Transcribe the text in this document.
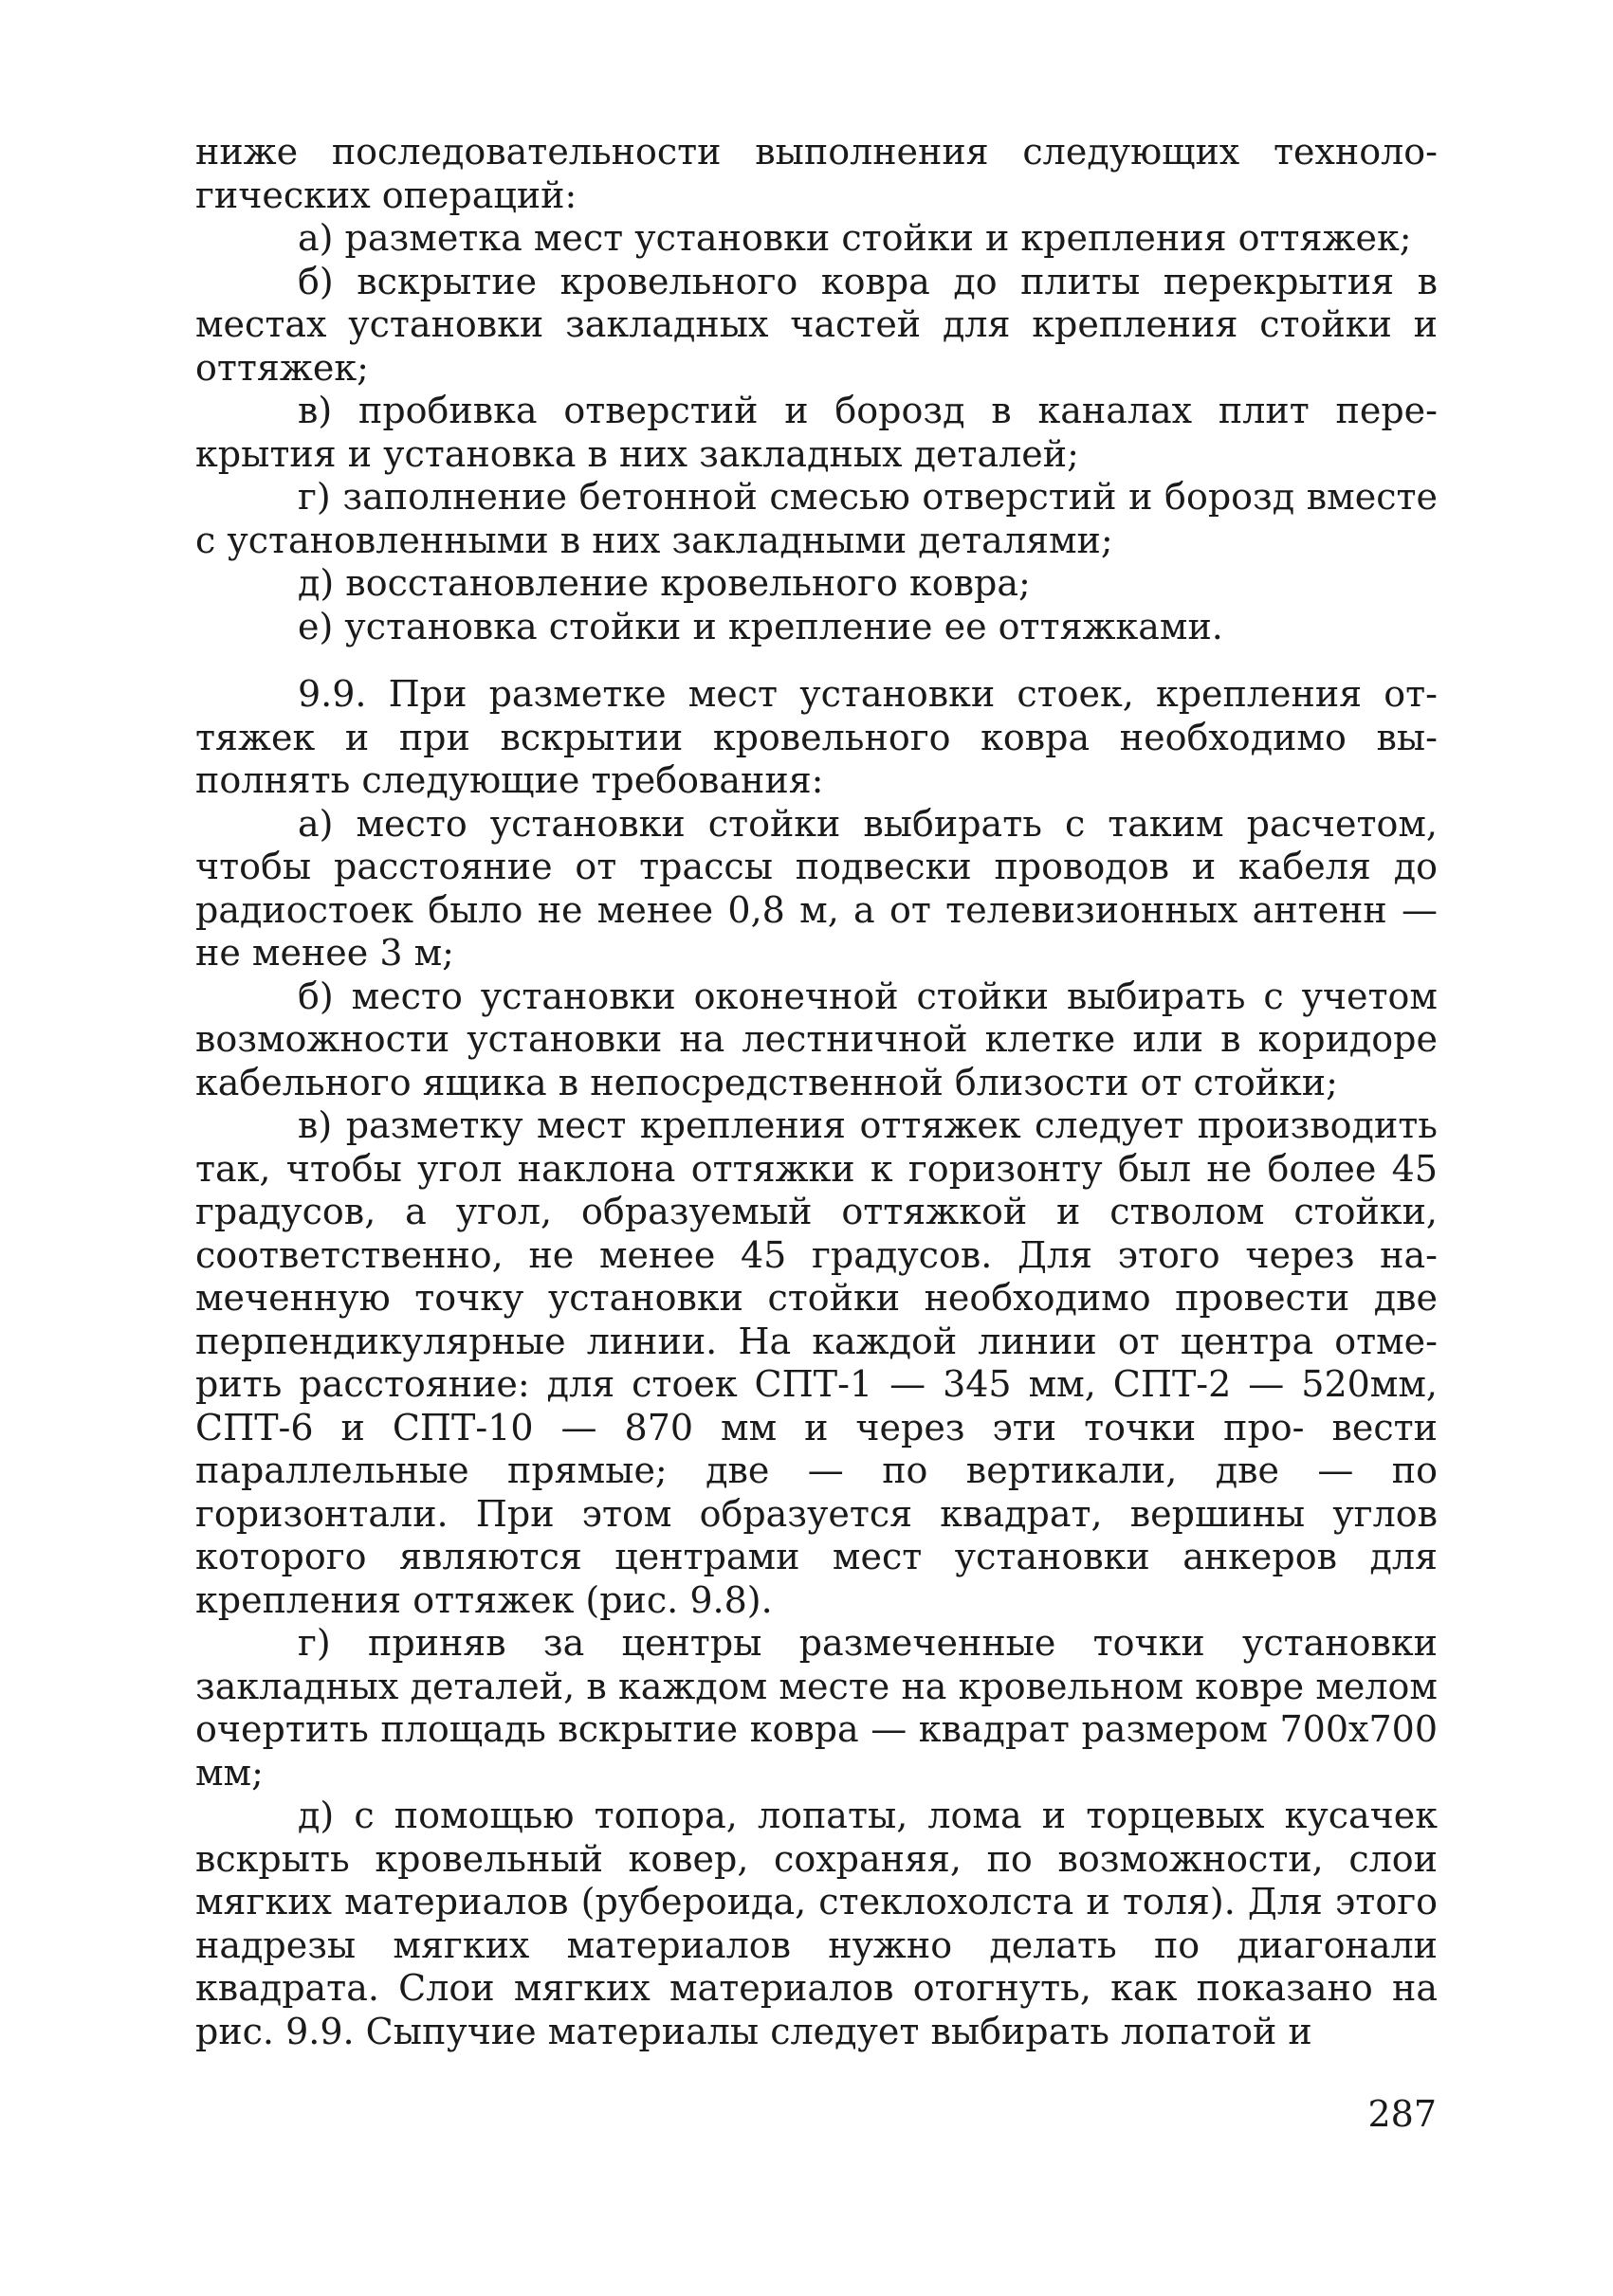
ниже последовательности выполнения следующих техноло- гических операций:

а) разметка мест установки стойки и крепления оттяжек;

б) вскрытие кровельного ковра до плиты перекрытия в местах установки закладных частей для крепления стойки и оттяжек;

в) пробивка отверстий и борозд в каналах плит пере- крытия и установка в них закладных деталей;

г) заполнение бетонной смесью отверстий и борозд вместе с установленными в них закладными деталями;

д) восстановление кровельного ковра;

е) установка стойки и крепление ее оттяжками.

9.9. При разметке мест установки стоек, крепления от- тяжек и при вскрытии кровельного ковра необходимо вы- полнять следующие требования:

а) место установки стойки выбирать с таким расчетом, чтобы расстояние от трассы подвески проводов и кабеля до радиостоек было не менее 0,8 м, а от телевизионных антенн — не менее 3 м;

б) место установки оконечной стойки выбирать с учетом возможности установки на лестничной клетке или в коридоре кабельного ящика в непосредственной близости от стойки;

в) разметку мест крепления оттяжек следует производить так, чтобы угол наклона оттяжки к горизонту был не более 45 градусов, а угол, образуемый оттяжкой и стволом стойки, соответственно, не менее 45 градусов. Для этого через на- меченную точку установки стойки необходимо провести две перпендикулярные линии. На каждой линии от центра отме- рить расстояние: для стоек СПТ-1 — 345 мм, СПТ-2 — 520мм, СПТ-6 и СПТ-10 — 870 мм и через эти точки про- вести параллельные прямые; две — по вертикали, две — по горизонтали. При этом образуется квадрат, вершины углов которого являются центрами мест установки анкеров для крепления оттяжек (рис. 9.8).

г) приняв за центры размеченные точки установки закладных деталей, в каждом месте на кровельном ковре мелом очертить площадь вскрытие ковра — квадрат размером 700х700 мм;

д) с помощью топора, лопаты, лома и торцевых кусачек вскрыть кровельный ковер, сохраняя, по возможности, слои мягких материалов (рубероида, стеклохолста и толя). Для этого надрезы мягких материалов нужно делать по диагонали квадрата. Слои мягких материалов отогнуть, как показано на рис. 9.9. Сыпучие материалы следует выбирать лопатой и

287
